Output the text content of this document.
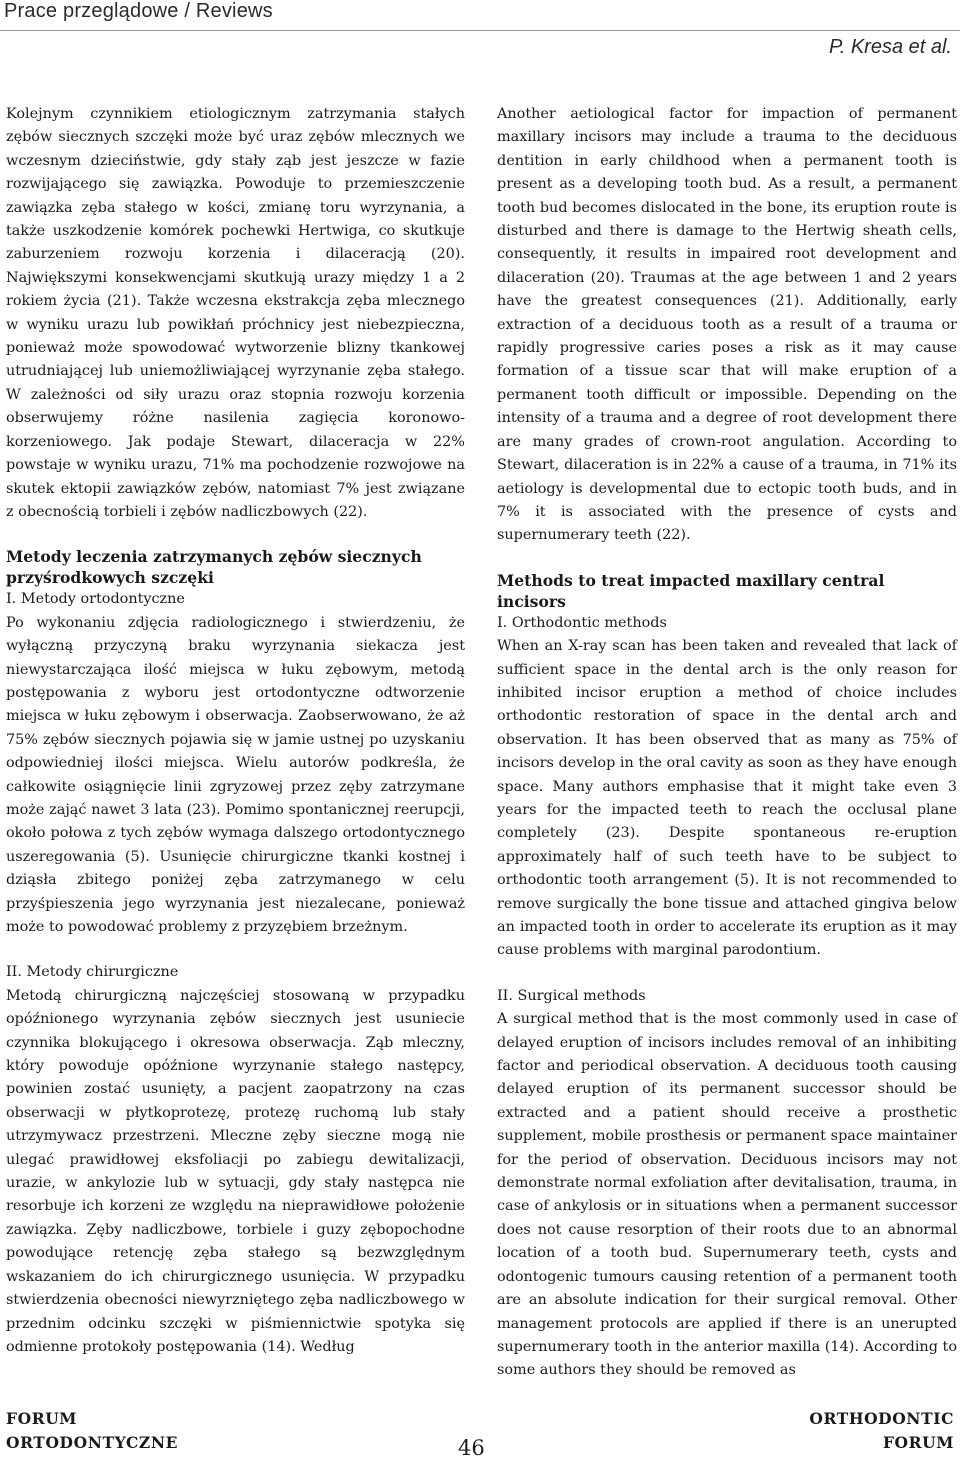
Prace przeglądowe / Reviews
P. Kresa et al.

Kolejnym czynnikiem etiologicznym zatrzymania stałych zębów siecznych szczęki może być uraz zębów mlecznych we wczesnym dzieciństwie, gdy stały ząb jest jeszcze w fazie rozwijającego się zawiązka. Powoduje to przemieszczenie zawiązka zęba stałego w kości, zmianę toru wyrzynania, a także uszkodzenie komórek pochewki Hertwiga, co skutkuje zaburzeniem rozwoju korzenia i dilaceracją (20). Największymi konsekwencjami skutkują urazy między 1 a 2 rokiem życia (21). Także wczesna ekstrakcja zęba mlecznego w wyniku urazu lub powikłań próchnicy jest niebezpieczna, ponieważ może spowodować wytworzenie blizny tkankowej utrudniającej lub uniemożliwiającej wyrzynanie zęba stałego. W zależności od siły urazu oraz stopnia rozwoju korzenia obserwujemy różne nasilenia zagięcia koronowo-korzeniowego. Jak podaje Stewart, dilaceracja w 22% powstaje w wyniku urazu, 71% ma pochodzenie rozwojowe na skutek ektopii zawiązków zębów, natomiast 7% jest związane z obecnością torbieli i zębów nadliczbowych (22).

Metody leczenia zatrzymanych zębów siecznych przyśrodkowych szczęki

I. Metody ortodontyczne

Po wykonaniu zdjęcia radiologicznego i stwierdzeniu, że wyłączną przyczyną braku wyrzynania siekacza jest niewystarczająca ilość miejsca w łuku zębowym, metodą postępowania z wyboru jest ortodontyczne odtworzenie miejsca w łuku zębowym i obserwacja. Zaobserwowano, że aż 75% zębów siecznych pojawia się w jamie ustnej po uzyskaniu odpowiedniej ilości miejsca. Wielu autorów podkreśla, że całkowite osiągnięcie linii zgryzowej przez zęby zatrzymane może zająć nawet 3 lata (23). Pomimo spontanicznej reerupcji, około połowa z tych zębów wymaga dalszego ortodontycznego uszeregowania (5). Usunięcie chirurgiczne tkanki kostnej i dziąsła zbitego poniżej zęba zatrzymanego w celu przyśpieszenia jego wyrzynania jest niezalecane, ponieważ może to powodować problemy z przyzębiem brzeżnym.

II. Metody chirurgiczne

Metodą chirurgiczną najczęściej stosowaną w przypadku opóźnionego wyrzynania zębów siecznych jest usuniecie czynnika blokującego i okresowa obserwacja. Ząb mleczny, który powoduje opóźnione wyrzynanie stałego następcy, powinien zostać usunięty, a pacjent zaopatrzony na czas obserwacji w płytkoprotezę, protezę ruchomą lub stały utrzymywacz przestrzeni. Mleczne zęby sieczne mogą nie ulegać prawidłowej eksfoliacji po zabiegu dewitalizacji, urazie, w ankylozie lub w sytuacji, gdy stały następca nie resorbuje ich korzeni ze względu na nieprawidłowe położenie zawiązka. Zęby nadliczbowe, torbiele i guzy zębopochodne powodujące retencję zęba stałego są bezwzględnym wskazaniem do ich chirurgicznego usunięcia. W przypadku stwierdzenia obecności niewyrzniętego zęba nadliczbowego w przednim odcinku szczęki w piśmiennictwie spotyka się odmienne protokoły postępowania (14). Według

Another aetiological factor for impaction of permanent maxillary incisors may include a trauma to the deciduous dentition in early childhood when a permanent tooth is present as a developing tooth bud. As a result, a permanent tooth bud becomes dislocated in the bone, its eruption route is disturbed and there is damage to the Hertwig sheath cells, consequently, it results in impaired root development and dilaceration (20). Traumas at the age between 1 and 2 years have the greatest consequences (21). Additionally, early extraction of a deciduous tooth as a result of a trauma or rapidly progressive caries poses a risk as it may cause formation of a tissue scar that will make eruption of a permanent tooth difficult or impossible. Depending on the intensity of a trauma and a degree of root development there are many grades of crown-root angulation. According to Stewart, dilaceration is in 22% a cause of a trauma, in 71% its aetiology is developmental due to ectopic tooth buds, and in 7% it is associated with the presence of cysts and supernumerary teeth (22).

Methods to treat impacted maxillary central incisors

I. Orthodontic methods

When an X-ray scan has been taken and revealed that lack of sufficient space in the dental arch is the only reason for inhibited incisor eruption a method of choice includes orthodontic restoration of space in the dental arch and observation. It has been observed that as many as 75% of incisors develop in the oral cavity as soon as they have enough space. Many authors emphasise that it might take even 3 years for the impacted teeth to reach the occlusal plane completely (23). Despite spontaneous re-eruption approximately half of such teeth have to be subject to orthodontic tooth arrangement (5). It is not recommended to remove surgically the bone tissue and attached gingiva below an impacted tooth in order to accelerate its eruption as it may cause problems with marginal parodontium.

II. Surgical methods

A surgical method that is the most commonly used in case of delayed eruption of incisors includes removal of an inhibiting factor and periodical observation. A deciduous tooth causing delayed eruption of its permanent successor should be extracted and a patient should receive a prosthetic supplement, mobile prosthesis or permanent space maintainer for the period of observation. Deciduous incisors may not demonstrate normal exfoliation after devitalisation, trauma, in case of ankylosis or in situations when a permanent successor does not cause resorption of their roots due to an abnormal location of a tooth bud. Supernumerary teeth, cysts and odontogenic tumours causing retention of a permanent tooth are an absolute indication for their surgical removal. Other management protocols are applied if there is an unerupted supernumerary tooth in the anterior maxilla (14). According to some authors they should be removed as

FORUM
ORTODONTYCZNE	46
ORTHODONTIC
FORUM
